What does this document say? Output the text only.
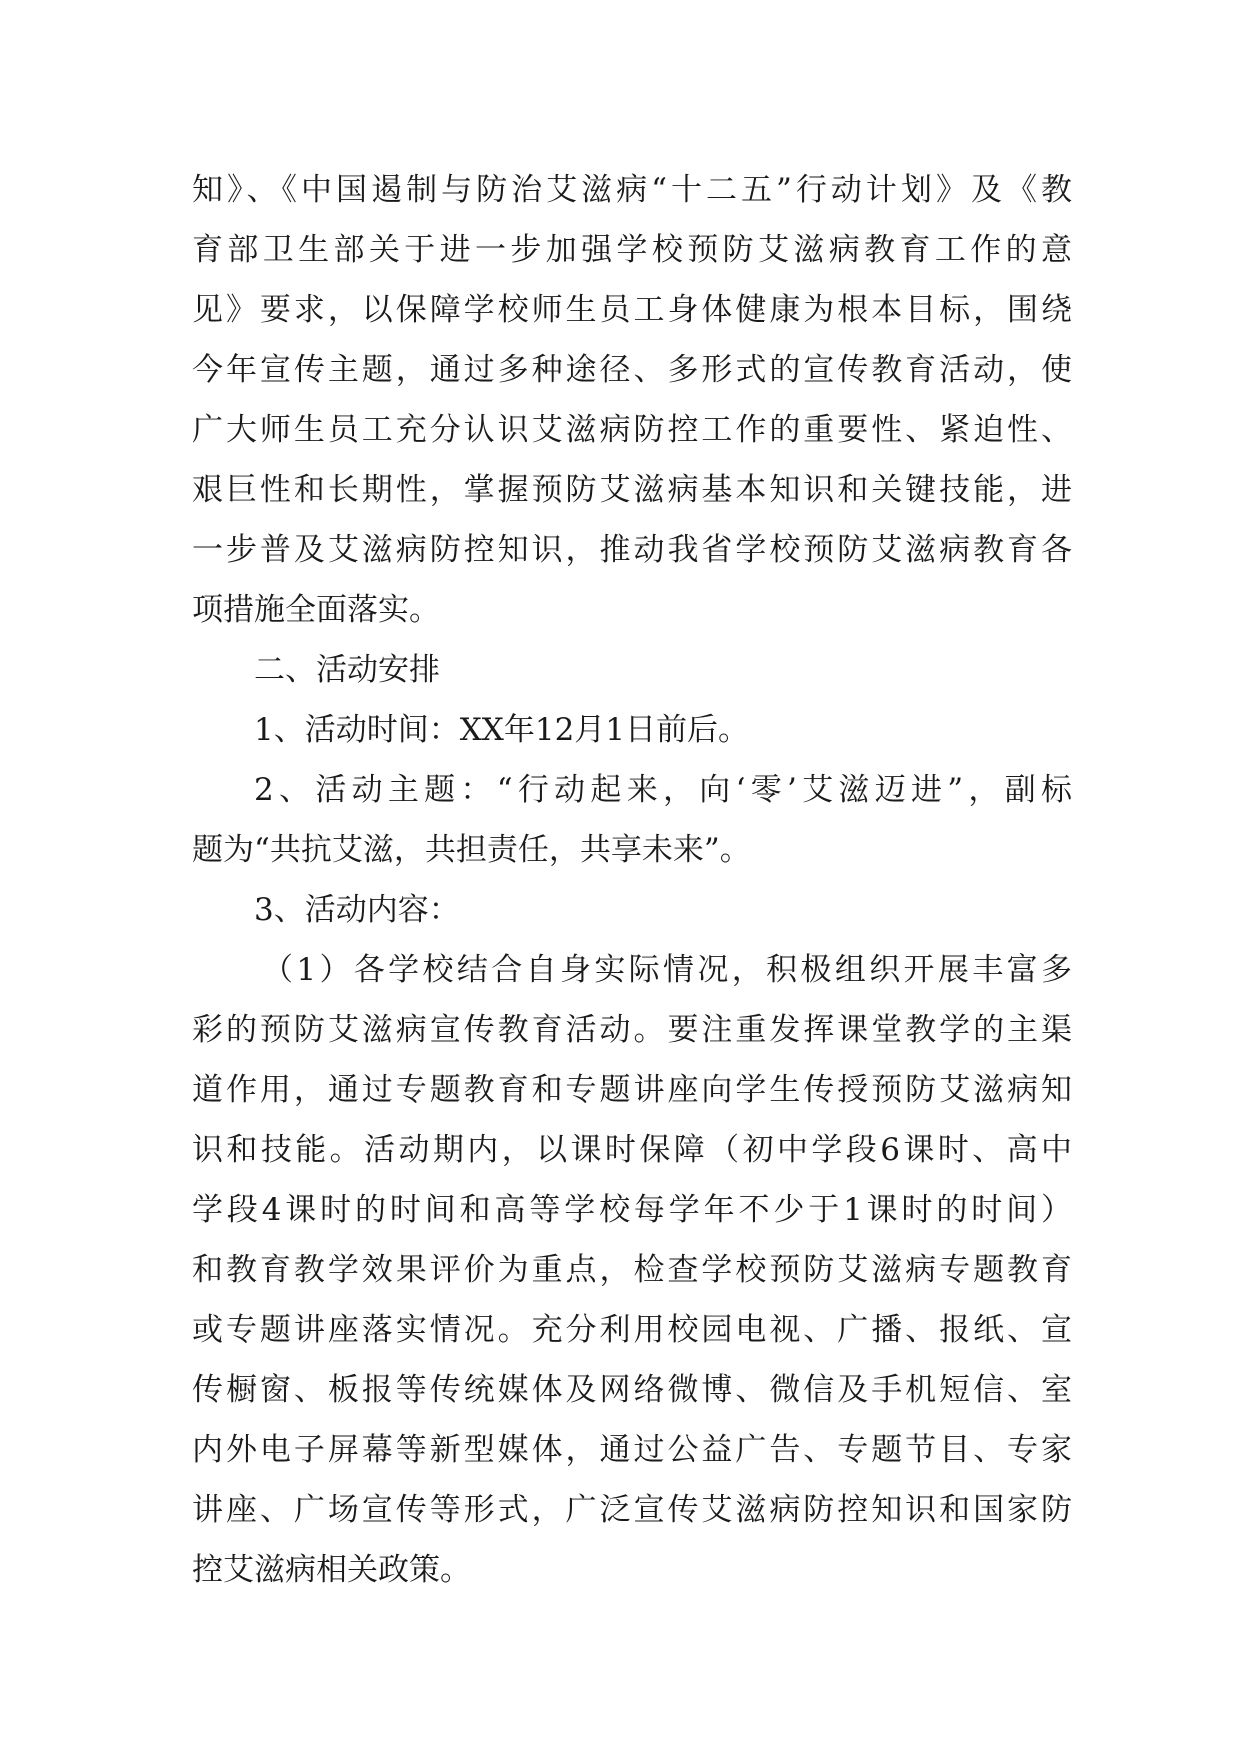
知》、《中国遏制与防治艾滋病“十二五”行动计划》及《教
育部卫生部关于进一步加强学校预防艾滋病教育工作的意
见》要求，以保障学校师生员工身体健康为根本目标，围绕
今年宣传主题，通过多种途径、多形式的宣传教育活动，使
广大师生员工充分认识艾滋病防控工作的重要性、紧迫性、
艰巨性和长期性，掌握预防艾滋病基本知识和关键技能，进
一步普及艾滋病防控知识，推动我省学校预防艾滋病教育各
项措施全面落实。
二、活动安排
1、活动时间：XX年12月1日前后。
2、活动主题：“行动起来，向‘零’艾滋迈进”，副标
题为“共抗艾滋，共担责任，共享未来”。
3、活动内容：
（1）各学校结合自身实际情况，积极组织开展丰富多
彩的预防艾滋病宣传教育活动。要注重发挥课堂教学的主渠
道作用，通过专题教育和专题讲座向学生传授预防艾滋病知
识和技能。活动期内，以课时保障（初中学段6课时、高中
学段4课时的时间和高等学校每学年不少于1课时的时间）
和教育教学效果评价为重点，检查学校预防艾滋病专题教育
或专题讲座落实情况。充分利用校园电视、广播、报纸、宣
传橱窗、板报等传统媒体及网络微博、微信及手机短信、室
内外电子屏幕等新型媒体，通过公益广告、专题节目、专家
讲座、广场宣传等形式，广泛宣传艾滋病防控知识和国家防
控艾滋病相关政策。
